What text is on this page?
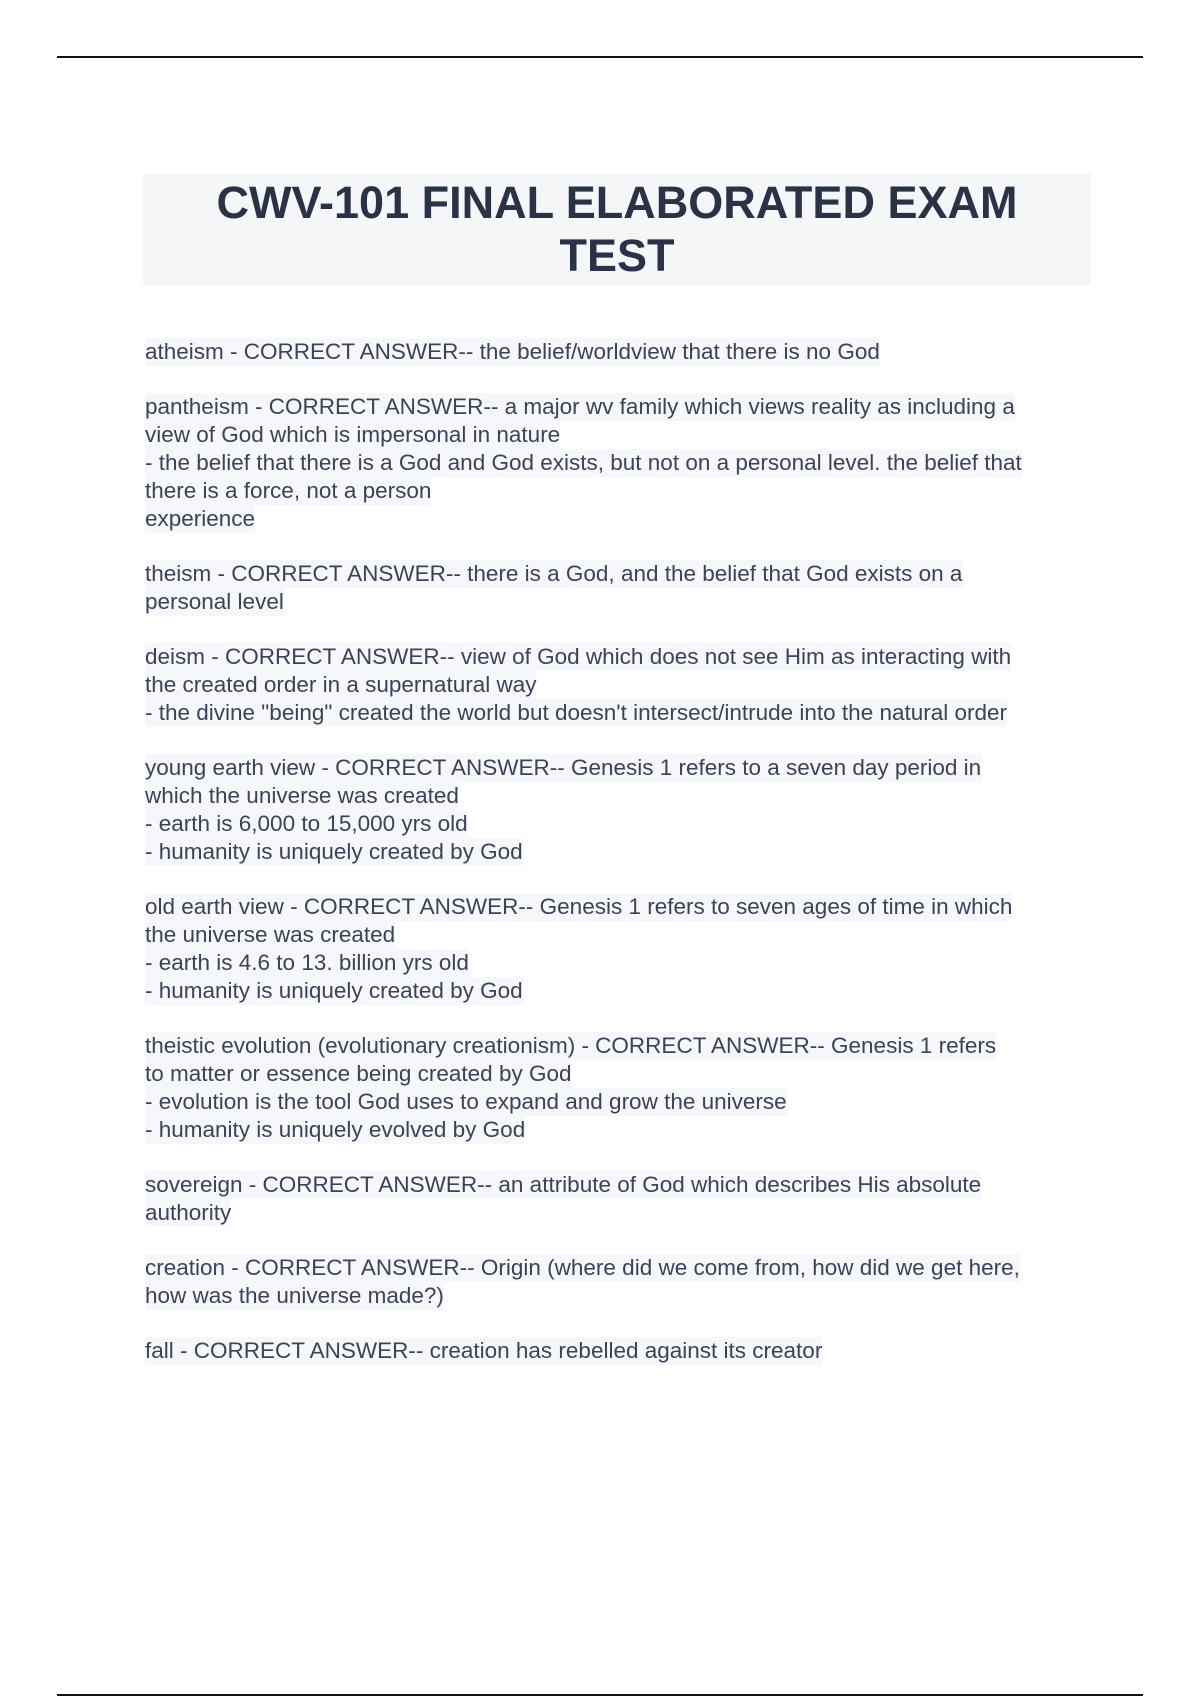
CWV-101 FINAL ELABORATED EXAM
TEST
atheism - CORRECT ANSWER-- the belief/worldview that there is no God
pantheism - CORRECT ANSWER-- a major wv family which views reality as including a
view of God which is impersonal in nature
- the belief that there is a God and God exists, but not on a personal level. the belief that
there is a force, not a person
experience
theism - CORRECT ANSWER-- there is a God, and the belief that God exists on a
personal level
deism - CORRECT ANSWER-- view of God which does not see Him as interacting with
the created order in a supernatural way
- the divine "being" created the world but doesn't intersect/intrude into the natural order
young earth view - CORRECT ANSWER-- Genesis 1 refers to a seven day period in
which the universe was created
- earth is 6,000 to 15,000 yrs old
- humanity is uniquely created by God
old earth view - CORRECT ANSWER-- Genesis 1 refers to seven ages of time in which
the universe was created
- earth is 4.6 to 13. billion yrs old
- humanity is uniquely created by God
theistic evolution (evolutionary creationism) - CORRECT ANSWER-- Genesis 1 refers
to matter or essence being created by God
- evolution is the tool God uses to expand and grow the universe
- humanity is uniquely evolved by God
sovereign - CORRECT ANSWER-- an attribute of God which describes His absolute
authority
creation - CORRECT ANSWER-- Origin (where did we come from, how did we get here,
how was the universe made?)
fall - CORRECT ANSWER-- creation has rebelled against its creator
